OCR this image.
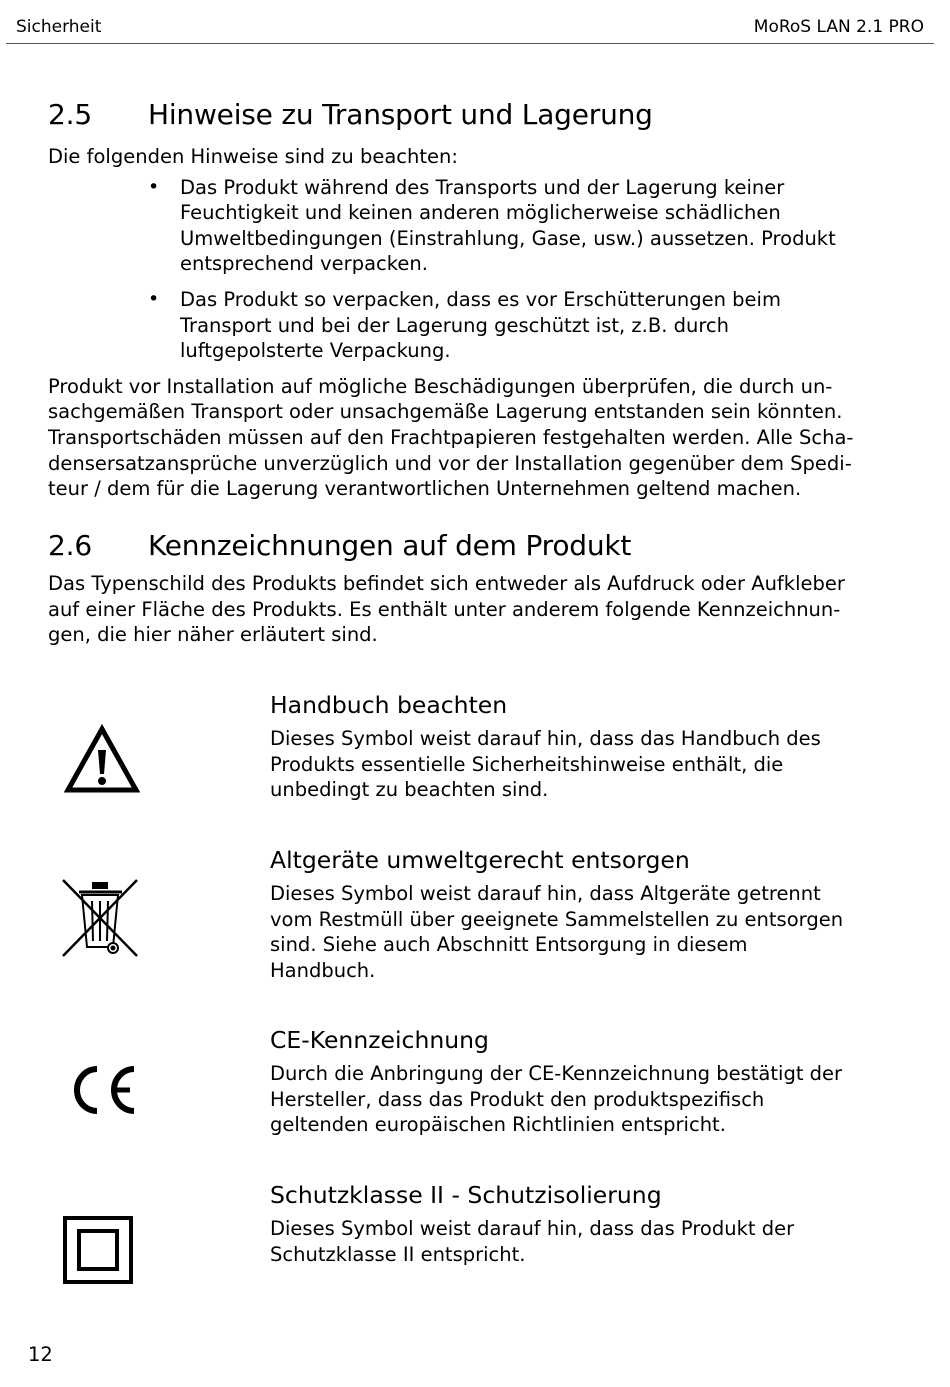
Sicherheit	MoRoS LAN 2.1 PRO
2.5 Hinweise zu Transport und Lagerung

Die folgenden Hinweise sind zu beachten:

• Das Produkt während des Transports und der Lagerung keiner
Feuchtigkeit und keinen anderen möglicherweise schädlichen
Umweltbedingungen (Einstrahlung, Gase, usw.) aussetzen. Produkt
entsprechend verpacken.
• Das Produkt so verpacken, dass es vor Erschütterungen beim
Transport und bei der Lagerung geschützt ist, z.B. durch
luftgepolsterte Verpackung.

Produkt vor Installation auf mögliche Beschädigungen überprüfen, die durch un-

sachgemäßen Transport oder unsachgemäße Lagerung entstanden sein könnten.

Transportschäden müssen auf den Frachtpapieren festgehalten werden. Alle Scha-

densersatzansprüche unverzüglich und vor der Installation gegenüber dem Spedi-

teur / dem für die Lagerung verantwortlichen Unternehmen geltend machen.

2.6 Kennzeichnungen auf dem Produkt

Das Typenschild des Produkts befindet sich entweder als Aufdruck oder Aufkleber

auf einer Fläche des Produkts. Es enthält unter anderem folgende Kennzeichnun-

gen, die hier näher erläutert sind.

Handbuch beachten

Dieses Symbol weist darauf hin, dass das Handbuch des

Produkts essentielle Sicherheitshinweise enthält, die

unbedingt zu beachten sind.

Altgeräte umweltgerecht entsorgen

Dieses Symbol weist darauf hin, dass Altgeräte getrennt

vom Restmüll über geeignete Sammelstellen zu entsorgen

sind. Siehe auch Abschnitt Entsorgung in diesem

Handbuch.

CE-Kennzeichnung

Durch die Anbringung der CE-Kennzeichnung bestätigt der

Hersteller, dass das Produkt den produktspezifisch

geltenden europäischen Richtlinien entspricht.

Schutzklasse II - Schutzisolierung

Dieses Symbol weist darauf hin, dass das Produkt der

Schutzklasse II entspricht.

12
